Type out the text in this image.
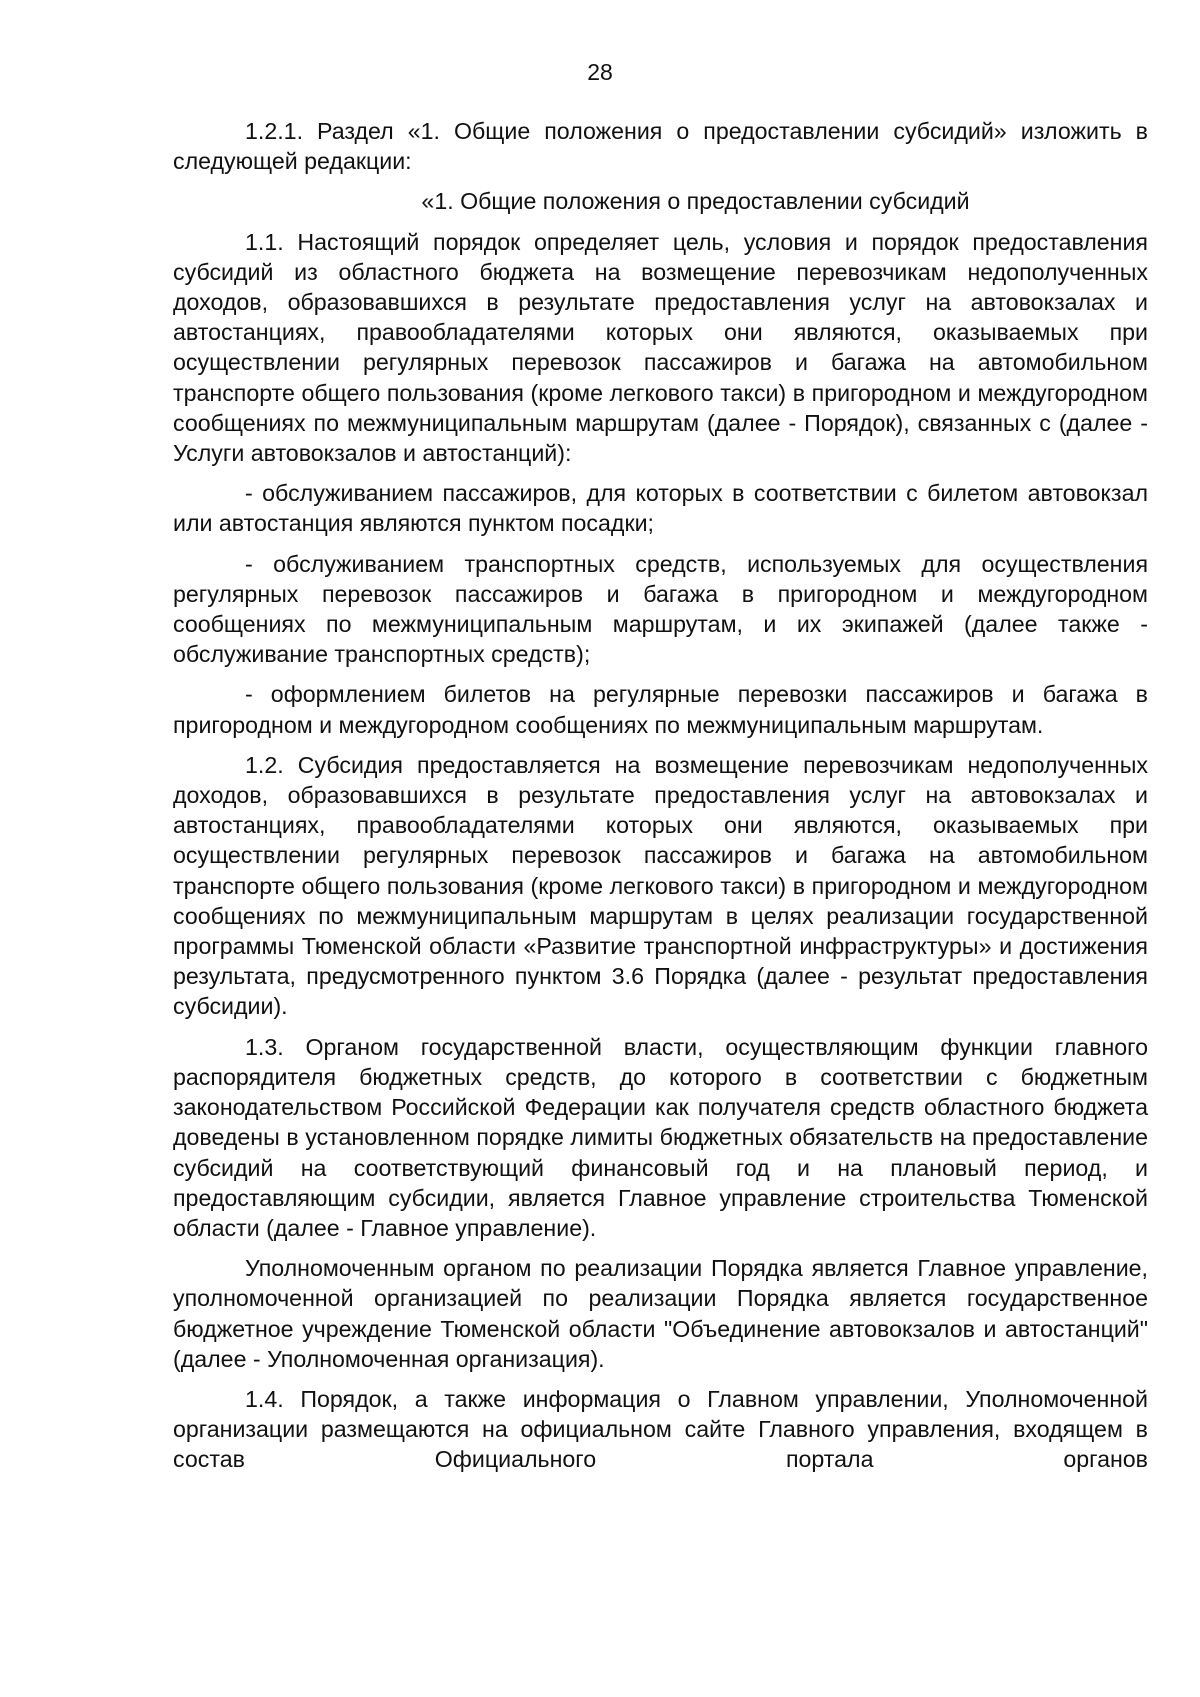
28

1.2.1. Раздел «1. Общие положения о предоставлении субсидий» изложить в следующей редакции:

«1. Общие положения о предоставлении субсидий

1.1. Настоящий порядок определяет цель, условия и порядок предоставления субсидий из областного бюджета на возмещение перевозчикам недополученных доходов, образовавшихся в результате предоставления услуг на автовокзалах и автостанциях, правообладателями которых они являются, оказываемых при осуществлении регулярных перевозок пассажиров и багажа на автомобильном транспорте общего пользования (кроме легкового такси) в пригородном и междугородном сообщениях по межмуниципальным маршрутам (далее - Порядок), связанных с (далее - Услуги автовокзалов и автостанций):

- обслуживанием пассажиров, для которых в соответствии с билетом автовокзал или автостанция являются пунктом посадки;

- обслуживанием транспортных средств, используемых для осуществления регулярных перевозок пассажиров и багажа в пригородном и междугородном сообщениях по межмуниципальным маршрутам, и их экипажей (далее также - обслуживание транспортных средств);

- оформлением билетов на регулярные перевозки пассажиров и багажа в пригородном и междугородном сообщениях по межмуниципальным маршрутам.

1.2. Субсидия предоставляется на возмещение перевозчикам недополученных доходов, образовавшихся в результате предоставления услуг на автовокзалах и автостанциях, правообладателями которых они являются, оказываемых при осуществлении регулярных перевозок пассажиров и багажа на автомобильном транспорте общего пользования (кроме легкового такси) в пригородном и междугородном сообщениях по межмуниципальным маршрутам в целях реализации государственной программы Тюменской области «Развитие транспортной инфраструктуры» и достижения результата, предусмотренного пунктом 3.6 Порядка (далее - результат предоставления субсидии).

1.3. Органом государственной власти, осуществляющим функции главного распорядителя бюджетных средств, до которого в соответствии с бюджетным законодательством Российской Федерации как получателя средств областного бюджета доведены в установленном порядке лимиты бюджетных обязательств на предоставление субсидий на соответствующий финансовый год и на плановый период, и предоставляющим субсидии, является Главное управление строительства Тюменской области (далее - Главное управление).

Уполномоченным органом по реализации Порядка является Главное управление, уполномоченной организацией по реализации Порядка является государственное бюджетное учреждение Тюменской области "Объединение автовокзалов и автостанций" (далее - Уполномоченная организация).

1.4. Порядок, а также информация о Главном управлении, Уполномоченной организации размещаются на официальном сайте Главного управления, входящем в состав Официального портала органов
